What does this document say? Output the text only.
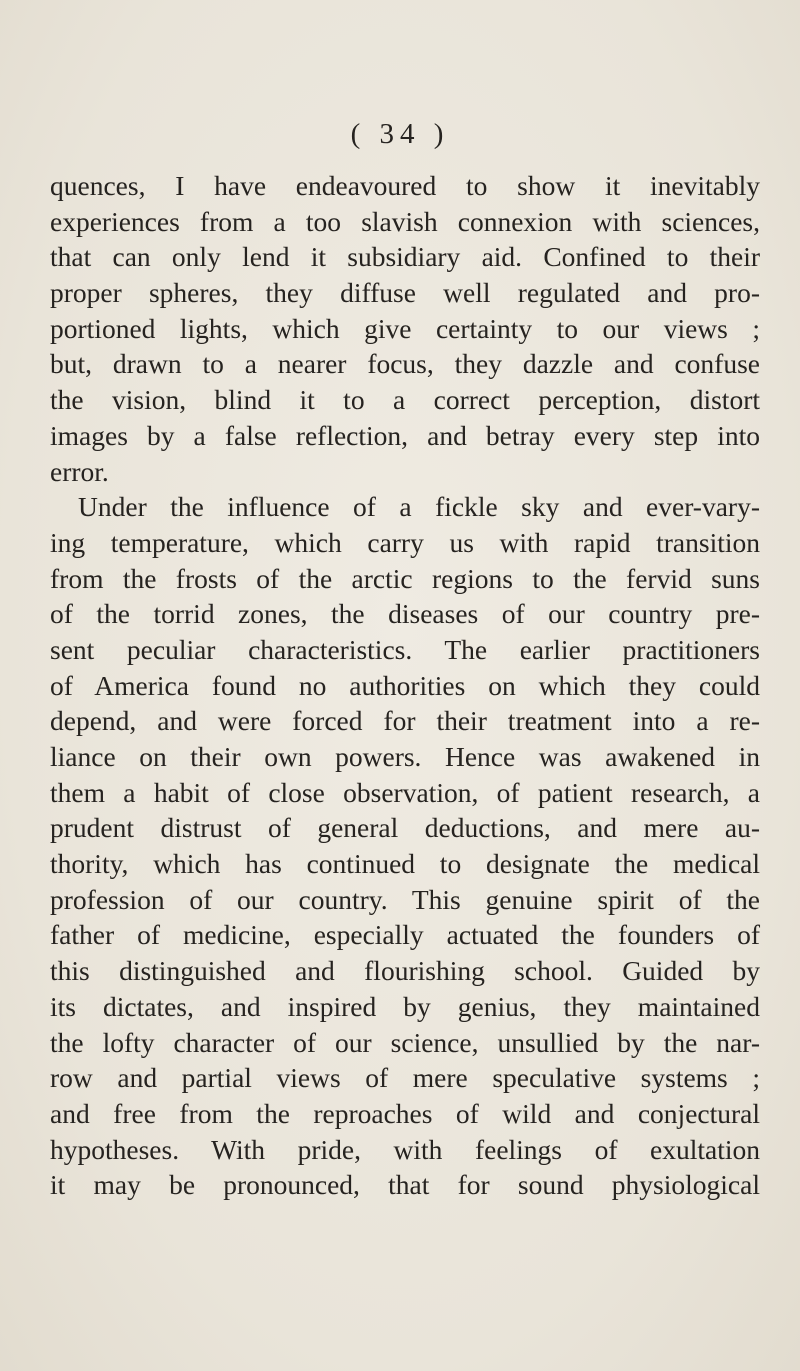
( 34 )
quences, I have endeavoured to show it inevitably
experiences from a too slavish connexion with sciences,
that can only lend it subsidiary aid. Confined to their
proper spheres, they diffuse well regulated and pro-
portioned lights, which give certainty to our views ;
but, drawn to a nearer focus, they dazzle and confuse
the vision, blind it to a correct perception, distort
images by a false reflection, and betray every step into
error.
Under the influence of a fickle sky and ever-vary-
ing temperature, which carry us with rapid transition
from the frosts of the arctic regions to the fervid suns
of the torrid zones, the diseases of our country pre-
sent peculiar characteristics. The earlier practitioners
of America found no authorities on which they could
depend, and were forced for their treatment into a re-
liance on their own powers. Hence was awakened in
them a habit of close observation, of patient research, a
prudent distrust of general deductions, and mere au-
thority, which has continued to designate the medical
profession of our country. This genuine spirit of the
father of medicine, especially actuated the founders of
this distinguished and flourishing school. Guided by
its dictates, and inspired by genius, they maintained
the lofty character of our science, unsullied by the nar-
row and partial views of mere speculative systems ;
and free from the reproaches of wild and conjectural
hypotheses. With pride, with feelings of exultation
it may be pronounced, that for sound physiological
